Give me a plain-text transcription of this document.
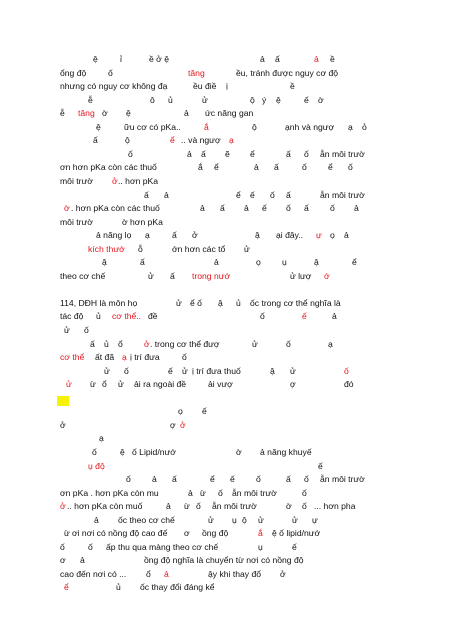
ệ	ỉ	ề ở ệ	ả ấ	ả ề
ổng độ	ố	tăng	ều, tránh được nguy cơ độ
nhưng có nguy cơ không đạ	ều điề ị	ề
ễ	ô ủ	ử	ộ ý ệ	ế ờ
ễ tăng ờ ệ	ả ức năng gan
ệ	ữu cơ có pKa..	ắ	ộ	ạnh và ngượ ạ ỏ
ấ	ộ	ể .. và ngượ ạ
ố	ả ấ ẽ ể	ấ ố ẫn môi trườ
ơn hơn pKa còn các thuố	ắ ể	ả ấ	ố ể ố
môi trườ ở .. hơn pKa
ấ ả	ể ế ố ấ	ẫn môi trườ
ờ . hơn pKa còn các thuố	ả ấ ả ế ố ấ ố ả
môi trườ	ờ hơn pKa
ả năng lọ ạ	ấ ở	ậ ại đây.. ự ọ ả
kích thướ ỗ	ớn hơn các tổ ử
ậ	ấ	ả	ọ ụ	ậ	ể
theo cơ chế	ử ấ trong nướ	ử lượ ớ
114, DĐH là môn họ	ử ể ố ậ ủ ốc trong cơ thể nghĩa là
tác độ ủ cơ thể.. đề	ố	ế	ả
ử ố
ấ ủ ổ ở . trong cơ thể đượ	ử	ố	ạ
cơ thể ất đã ạ ị trí đưa	ố
ử ố	ế ử ị trí đưa thuố	ậ ử	ố
ử ừ ổ ử ải ra ngoài đề	ải vượ	ợ	đó
ọ ế
ở	ợ ở
ạ
ố	ệ ố Lipid/nướ	ờ ả năng khuyế
ụ độ	ế
ố ả ấ	ể ế ố	ấ ố ẫn môi trườ
ơn pKa . hơn pKa còn mu	ả ừ ố ẫn môi trườ	ố
ở .. hơn pKa còn muố	ả ừ ố ẫn môi trườ	ờ ố ... hơn pha
ả ốc theo cơ chế	ử ụ ộ ử	ử ự
ừ ơi nơi có nồng độ cao đế ơ ồng độ	ắ ệ ố lipid/nướ
ố	ố ấp thu qua màng theo cơ chế	ụ	ế
ơ ả	ồng độ nghĩa là chuyển từ nơi có nồng độ
cao đến nơi có ... ổ ả	ậy khi thay đổ ở
ể	ủ ốc thay đổi đáng kể
